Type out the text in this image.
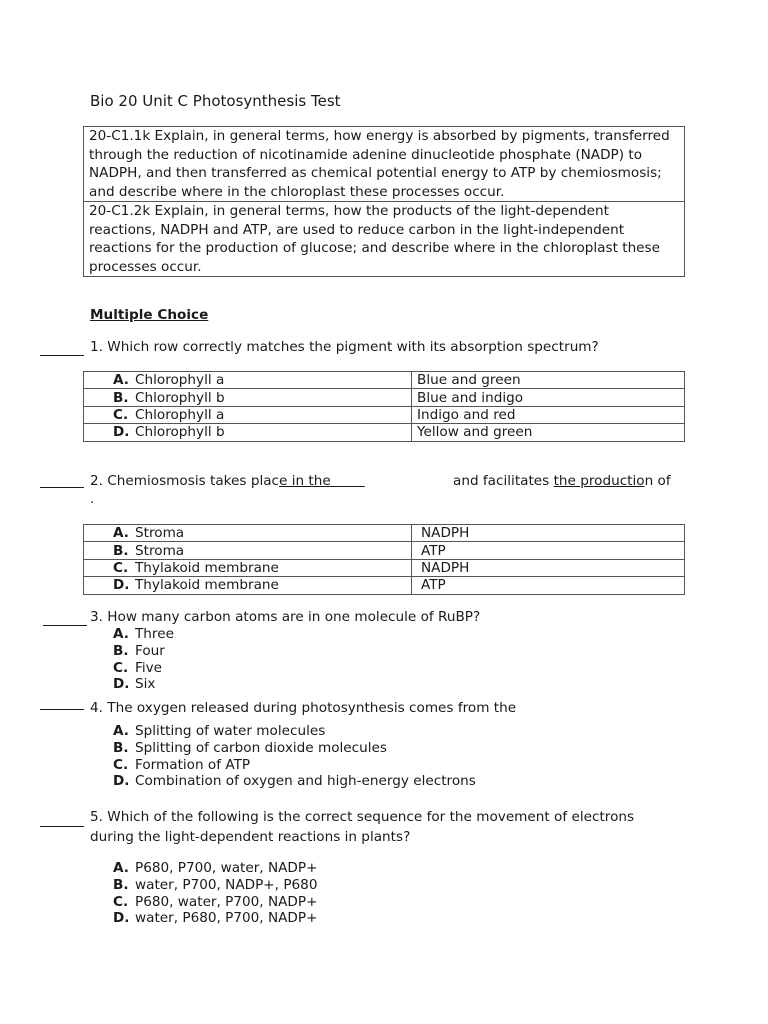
Bio 20 Unit C Photosynthesis Test
20-C1.1k Explain, in general terms, how energy is absorbed by pigments, transferred through the reduction of nicotinamide adenine dinucleotide phosphate (NADP) to NADPH, and then transferred as chemical potential energy to ATP by chemiosmosis; and describe where in the chloroplast these processes occur.
20-C1.2k Explain, in general terms, how the products of the light-dependent reactions, NADPH and ATP, are used to reduce carbon in the light-independent reactions for the production of glucose; and describe where in the chloroplast these processes occur.
Multiple Choice
1. Which row correctly matches the pigment with its absorption spectrum?
A. Chlorophyll a	Blue and green
B. Chlorophyll b	Blue and indigo
C. Chlorophyll a	Indigo and red
D. Chlorophyll b	Yellow and green
2. Chemiosmosis takes place in the   	and facilitates the production of
.
A. Stroma	NADPH
B. Stroma	ATP
C. Thylakoid membrane	NADPH
D. Thylakoid membrane	ATP
3. How many carbon atoms are in one molecule of RuBP?
A. Three
B. Four
C. Five
D. Six
4. The oxygen released during photosynthesis comes from the
A. Splitting of water molecules
B. Splitting of carbon dioxide molecules
C. Formation of ATP
D. Combination of oxygen and high-energy electrons
5. Which of the following is the correct sequence for the movement of electrons
during the light-dependent reactions in plants?
A. P680, P700, water, NADP+
B. water, P700, NADP+, P680
C. P680, water, P700, NADP+
D. water, P680, P700, NADP+
